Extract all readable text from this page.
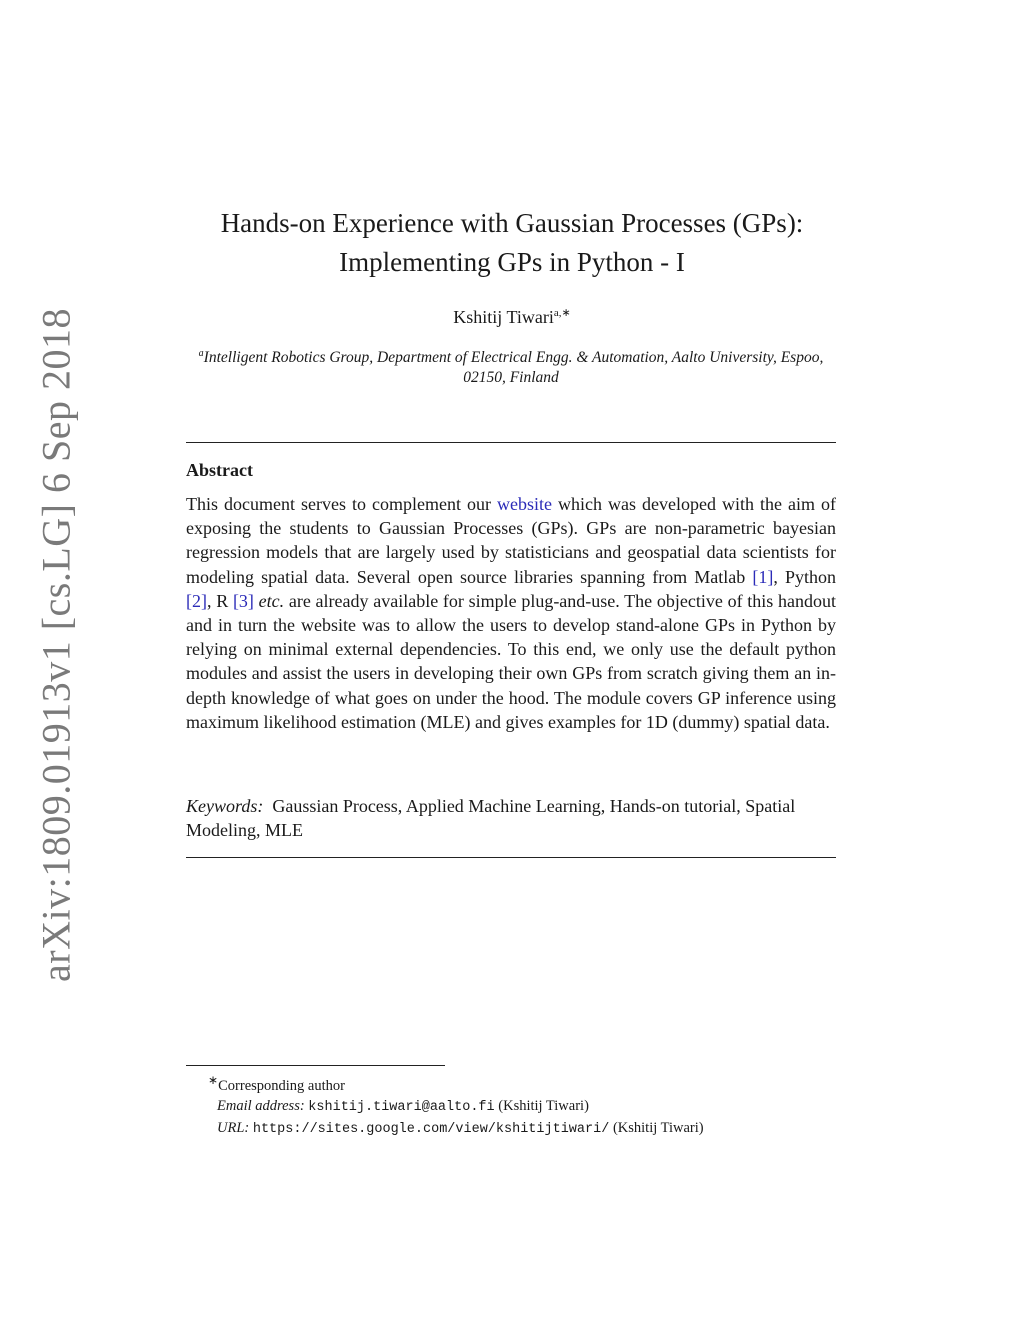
arXiv:1809.01913v1 [cs.LG] 6 Sep 2018
Hands-on Experience with Gaussian Processes (GPs):
Implementing GPs in Python - I
Kshitij Tiwari$^{a,∗}$
$^a$Intelligent Robotics Group, Department of Electrical Engg. & Automation, Aalto University, Espoo, 02150, Finland
Abstract
This document serves to complement our website which was developed with the aim of exposing the students to Gaussian Processes (GPs). GPs are non-parametric bayesian regression models that are largely used by statisticians and geospatial data scientists for modeling spatial data. Several open source libraries spanning from Matlab [1], Python [2], R [3] etc. are already available for simple plug-and-use. The objective of this handout and in turn the website was to allow the users to develop stand-alone GPs in Python by relying on minimal external dependencies. To this end, we only use the default python modules and assist the users in developing their own GPs from scratch giving them an in-depth knowledge of what goes on under the hood. The module covers GP inference using maximum likelihood estimation (MLE) and gives examples for 1D (dummy) spatial data.
Keywords: Gaussian Process, Applied Machine Learning, Hands-on tutorial, Spatial Modeling, MLE
∗Corresponding author
Email address: kshitij.tiwari@aalto.fi (Kshitij Tiwari)
URL: https://sites.google.com/view/kshitijtiwari/ (Kshitij Tiwari)
